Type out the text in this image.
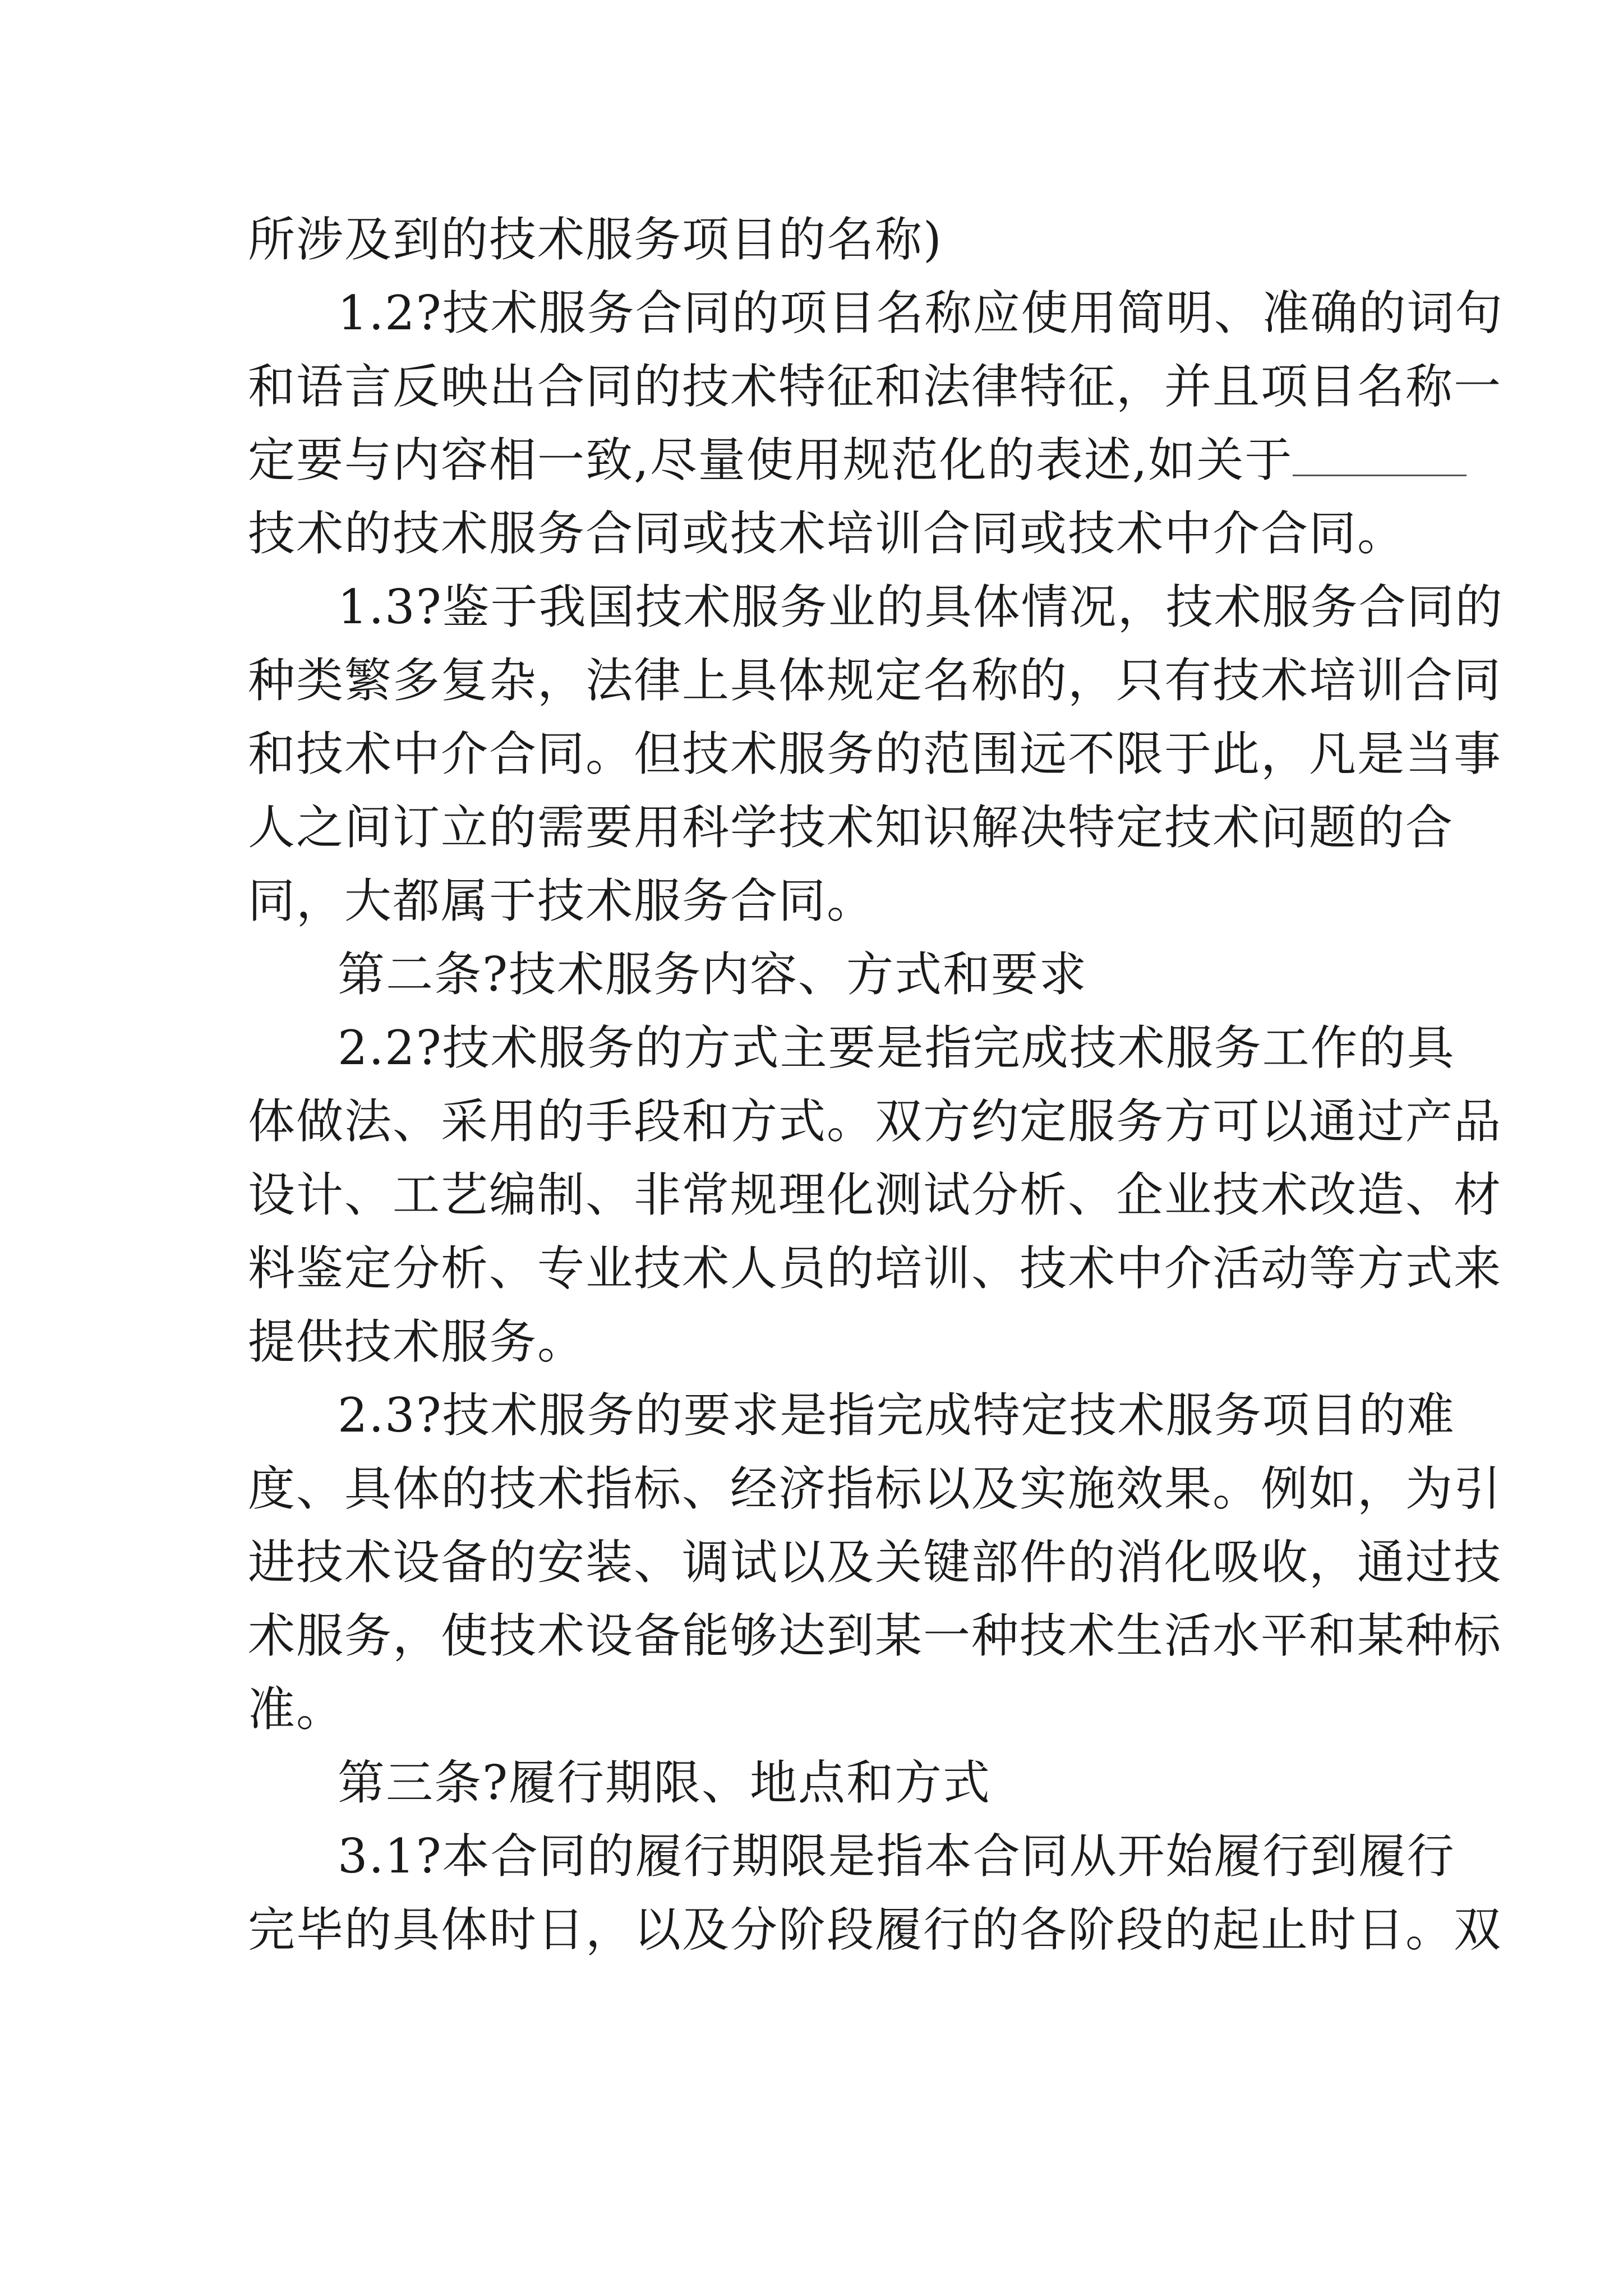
所涉及到的技术服务项目的名称)
1.2?技术服务合同的项目名称应使用简明、准确的词句
和语言反映出合同的技术特征和法律特征，并且项目名称一
定要与内容相一致,尽量使用规范化的表述,如关于
技术的技术服务合同或技术培训合同或技术中介合同。
1.3?鉴于我国技术服务业的具体情况，技术服务合同的
种类繁多复杂，法律上具体规定名称的，只有技术培训合同
和技术中介合同。但技术服务的范围远不限于此，凡是当事
人之间订立的需要用科学技术知识解决特定技术问题的合
同，大都属于技术服务合同。
第二条?技术服务内容、方式和要求
2.2?技术服务的方式主要是指完成技术服务工作的具
体做法、采用的手段和方式。双方约定服务方可以通过产品
设计、工艺编制、非常规理化测试分析、企业技术改造、材
料鉴定分析、专业技术人员的培训、技术中介活动等方式来
提供技术服务。
2.3?技术服务的要求是指完成特定技术服务项目的难
度、具体的技术指标、经济指标以及实施效果。例如，为引
进技术设备的安装、调试以及关键部件的消化吸收，通过技
术服务，使技术设备能够达到某一种技术生活水平和某种标
准。
第三条?履行期限、地点和方式
3.1?本合同的履行期限是指本合同从开始履行到履行
完毕的具体时日，以及分阶段履行的各阶段的起止时日。双
